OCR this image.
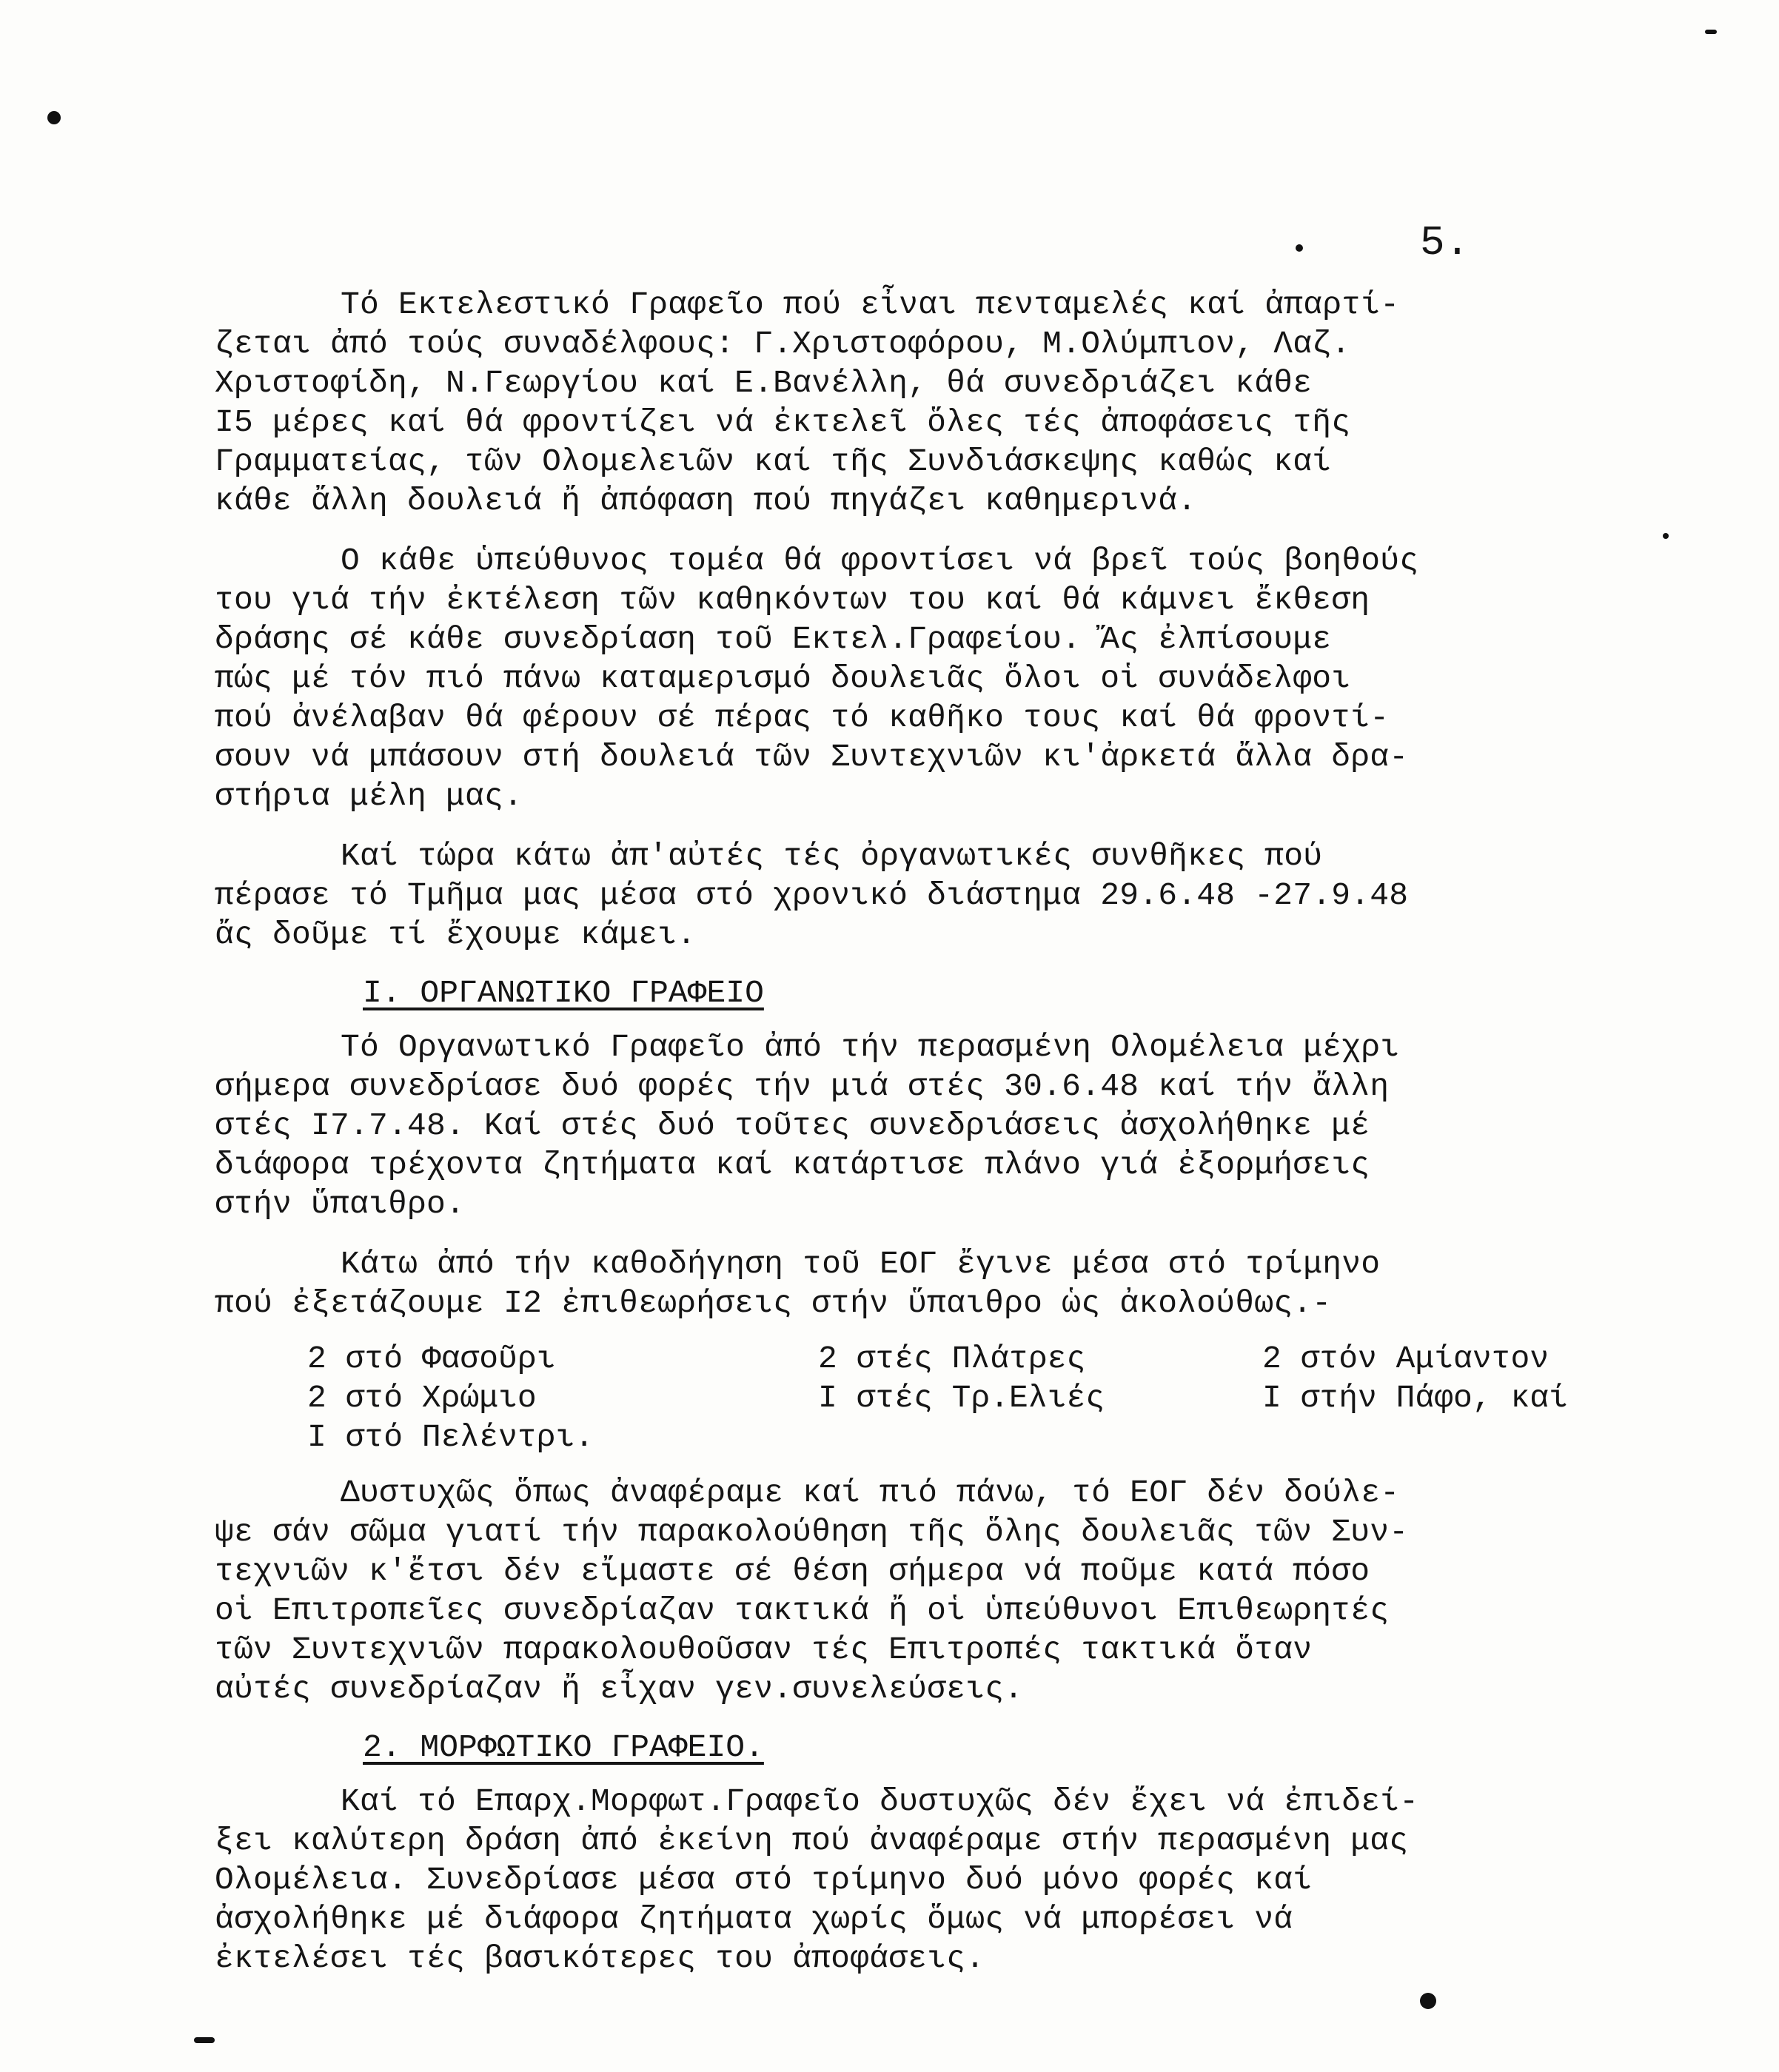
5.
Τό Εκτελεστικό Γραφεῖο πού εἶναι πενταμελές καί ἀπαρτί-
ζεται ἀπό τούς συναδέλφους: Γ.Χριστοφόρου, Μ.Ολύμπιον, Λαζ.
Χριστοφίδη, Ν.Γεωργίου καί Ε.Βανέλλη, θά συνεδριάζει κάθε
I5 μέρες καί θά φροντίζει νά ἐκτελεῖ ὅλες τές ἀποφάσεις τῆς
Γραμματείας, τῶν Ολομελειῶν καί τῆς Συνδιάσκεψης καθώς καί
κάθε ἄλλη δουλειά ἤ ἀπόφαση πού πηγάζει καθημερινά.
Ο κάθε ὑπεύθυνος τομέα θά φροντίσει νά βρεῖ τούς βοηθούς
του γιά τήν ἐκτέλεση τῶν καθηκόντων του καί θά κάμνει ἔκθεση
δράσης σέ κάθε συνεδρίαση τοῦ Εκτελ.Γραφείου. Ἄς ἐλπίσουμε
πώς μέ τόν πιό πάνω καταμερισμό δουλειᾶς ὅλοι οἱ συνάδελφοι
πού ἀνέλαβαν θά φέρουν σέ πέρας τό καθῆκο τους καί θά φροντί-
σουν νά μπάσουν στή δουλειά τῶν Συντεχνιῶν κι'ἀρκετά ἄλλα δρα-
στήρια μέλη μας.
Καί τώρα κάτω ἀπ'αὐτές τές ὀργανωτικές συνθῆκες πού
πέρασε τό Τμῆμα μας μέσα στό χρονικό διάστημα 29.6.48 -27.9.48
ἄς δοῦμε τί ἔχουμε κάμει.
I. ΟΡΓΑΝΩΤΙΚΟ ΓΡΑΦΕΙΟ
Τό Οργανωτικό Γραφεῖο ἀπό τήν περασμένη Ολομέλεια μέχρι
σήμερα συνεδρίασε δυό φορές τήν μιά στές 30.6.48 καί τήν ἄλλη
στές I7.7.48. Καί στές δυό τοῦτες συνεδριάσεις ἀσχολήθηκε μέ
διάφορα τρέχοντα ζητήματα καί κατάρτισε πλάνο γιά ἐξορμήσεις
στήν ὕπαιθρο.
Κάτω ἀπό τήν καθοδήγηση τοῦ ΕΟΓ ἔγινε μέσα στό τρίμηνο
πού ἐξετάζουμε I2 ἐπιθεωρήσεις στήν ὕπαιθρο ὡς ἀκολούθως.-
2 στό Φασοῦρι	2 στές Πλάτρες	2 στόν Αμίαντον
2 στό Χρώμιο	I στές Τρ.Ελιές	I στήν Πάφο, καί
I στό Πελέντρι.
Δυστυχῶς ὅπως ἀναφέραμε καί πιό πάνω, τό ΕΟΓ δέν δούλε-
ψε σάν σῶμα γιατί τήν παρακολούθηση τῆς ὅλης δουλειᾶς τῶν Συν-
τεχνιῶν κ'ἔτσι δέν εἴμαστε σέ θέση σήμερα νά ποῦμε κατά πόσο
οἱ Επιτροπεῖες συνεδρίαζαν τακτικά ἤ οἱ ὑπεύθυνοι Επιθεωρητές
τῶν Συντεχνιῶν παρακολουθοῦσαν τές Επιτροπές τακτικά ὅταν
αὐτές συνεδρίαζαν ἤ εἶχαν γεν.συνελεύσεις.
2. ΜΟΡΦΩΤΙΚΟ ΓΡΑΦΕΙΟ.
Καί τό Επαρχ.Μορφωτ.Γραφεῖο δυστυχῶς δέν ἔχει νά ἐπιδεί-
ξει καλύτερη δράση ἀπό ἐκείνη πού ἀναφέραμε στήν περασμένη μας
Ολομέλεια. Συνεδρίασε μέσα στό τρίμηνο δυό μόνο φορές καί
ἀσχολήθηκε μέ διάφορα ζητήματα χωρίς ὅμως νά μπορέσει νά
ἐκτελέσει τές βασικότερες του ἀποφάσεις.
